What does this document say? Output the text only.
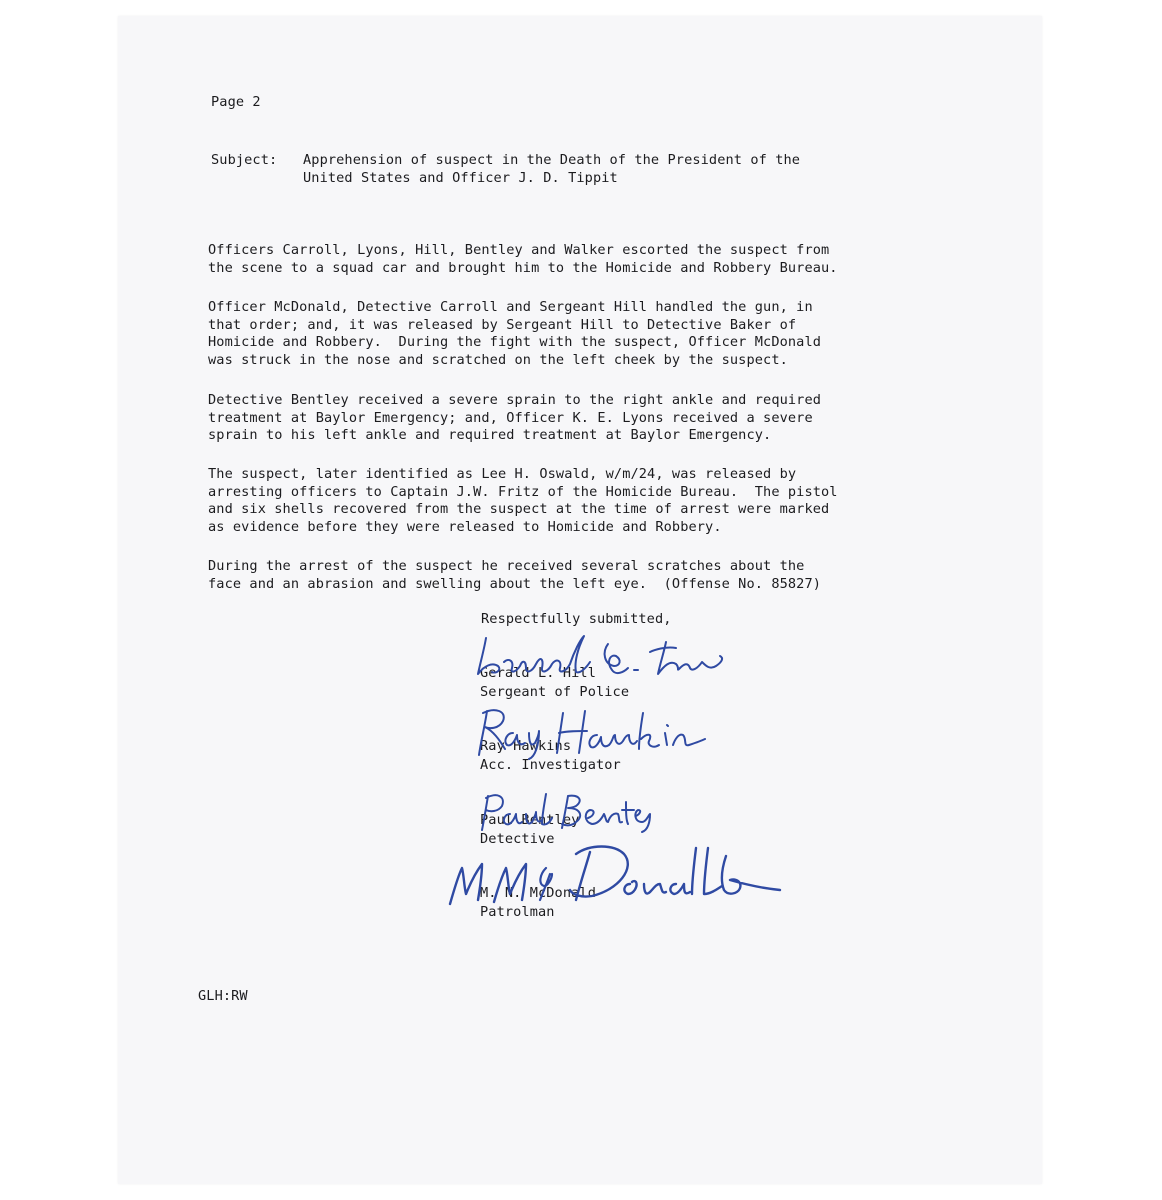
Page 2
Subject: Apprehension of suspect in the Death of the President of the
United States and Officer J. D. Tippit
Officers Carroll, Lyons, Hill, Bentley and Walker escorted the suspect from
the scene to a squad car and brought him to the Homicide and Robbery Bureau.
Officer McDonald, Detective Carroll and Sergeant Hill handled the gun, in
that order; and, it was released by Sergeant Hill to Detective Baker of
Homicide and Robbery.  During the fight with the suspect, Officer McDonald
was struck in the nose and scratched on the left cheek by the suspect.
Detective Bentley received a severe sprain to the right ankle and required
treatment at Baylor Emergency; and, Officer K. E. Lyons received a severe
sprain to his left ankle and required treatment at Baylor Emergency.
The suspect, later identified as Lee H. Oswald, w/m/24, was released by
arresting officers to Captain J.W. Fritz of the Homicide Bureau.  The pistol
and six shells recovered from the suspect at the time of arrest were marked
as evidence before they were released to Homicide and Robbery.
During the arrest of the suspect he received several scratches about the
face and an abrasion and swelling about the left eye.  (Offense No. 85827)
Respectfully submitted,
Gerald L. Hill
Sergeant of Police
Ray Hawkins
Acc. Investigator
Paul Bentley
Detective
M. N. McDonald
Patrolman
GLH:RW
